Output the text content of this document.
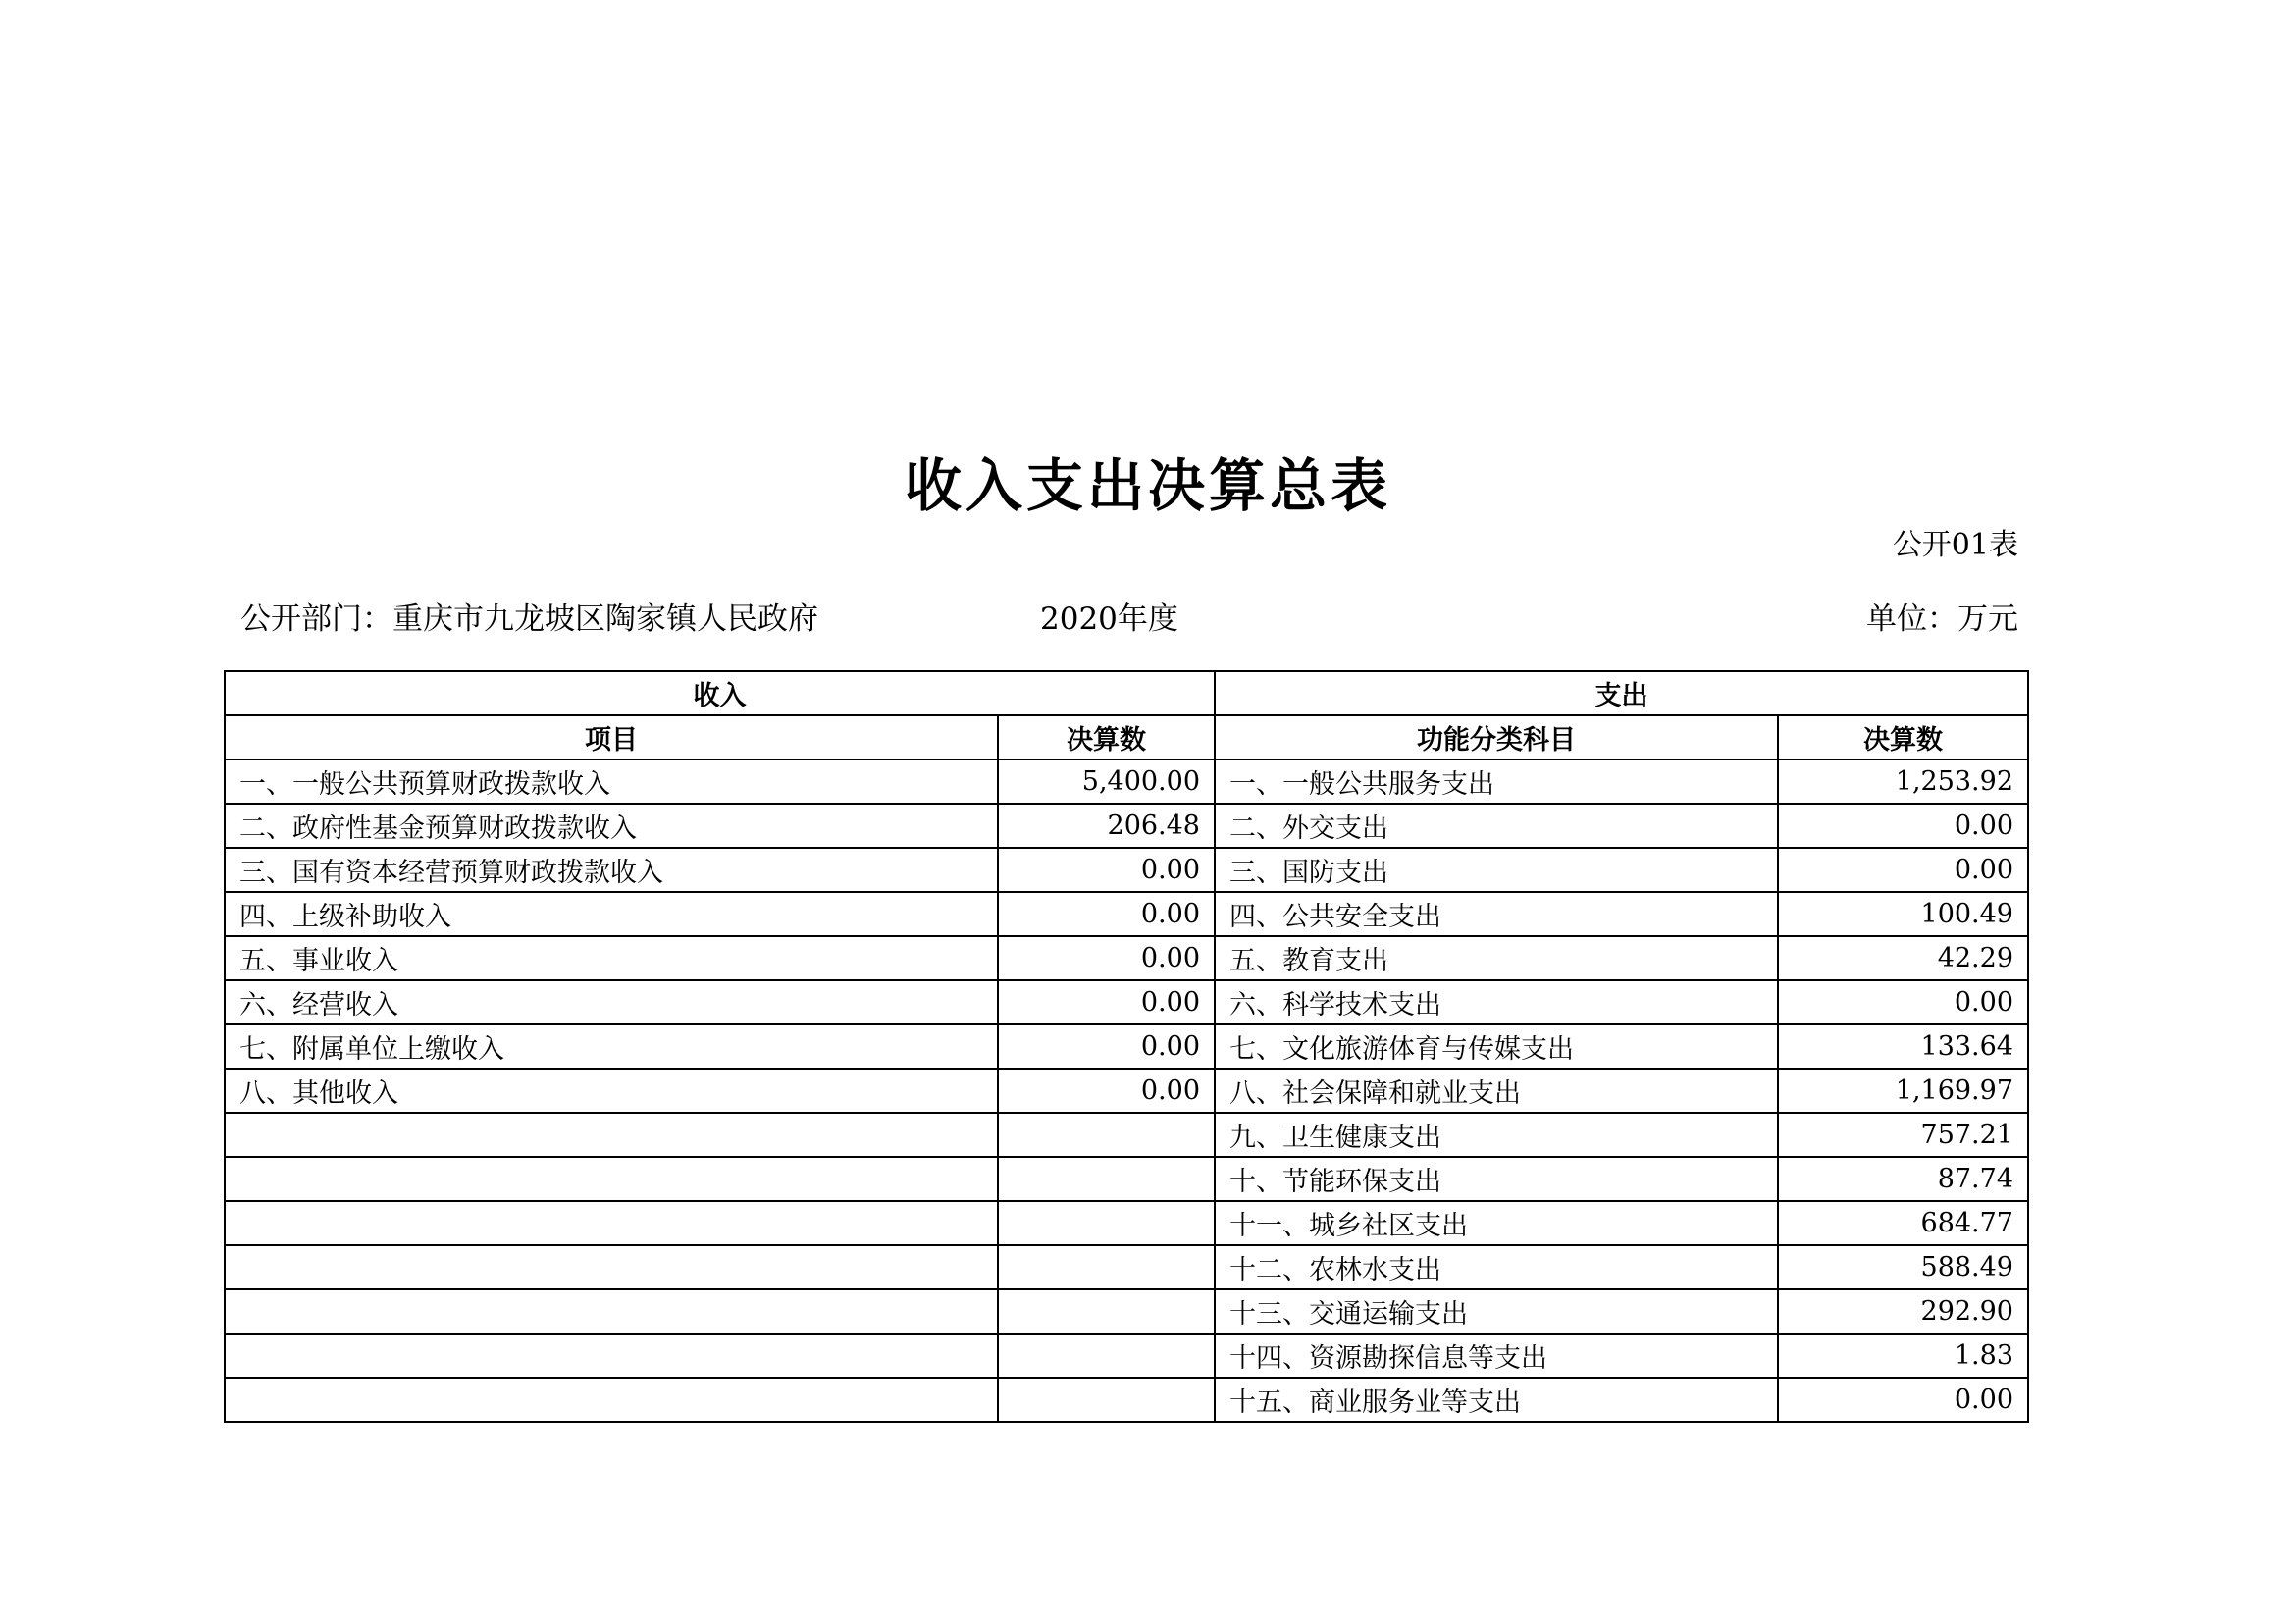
收入支出决算总表
公开01表
公开部门：重庆市九龙坡区陶家镇人民政府	2020年度	单位：万元
收入		支出	
项目	决算数	功能分类科目	决算数
一、一般公共预算财政拨款收入	5,400.00	一、一般公共服务支出	1,253.92
二、政府性基金预算财政拨款收入	206.48	二、外交支出	0.00
三、国有资本经营预算财政拨款收入	0.00	三、国防支出	0.00
四、上级补助收入	0.00	四、公共安全支出	100.49
五、事业收入	0.00	五、教育支出	42.29
六、经营收入	0.00	六、科学技术支出	0.00
七、附属单位上缴收入	0.00	七、文化旅游体育与传媒支出	133.64
八、其他收入	0.00	八、社会保障和就业支出	1,169.97
		九、卫生健康支出	757.21
		十、节能环保支出	87.74
		十一、城乡社区支出	684.77
		十二、农林水支出	588.49
		十三、交通运输支出	292.90
		十四、资源勘探信息等支出	1.83
		十五、商业服务业等支出	0.00
